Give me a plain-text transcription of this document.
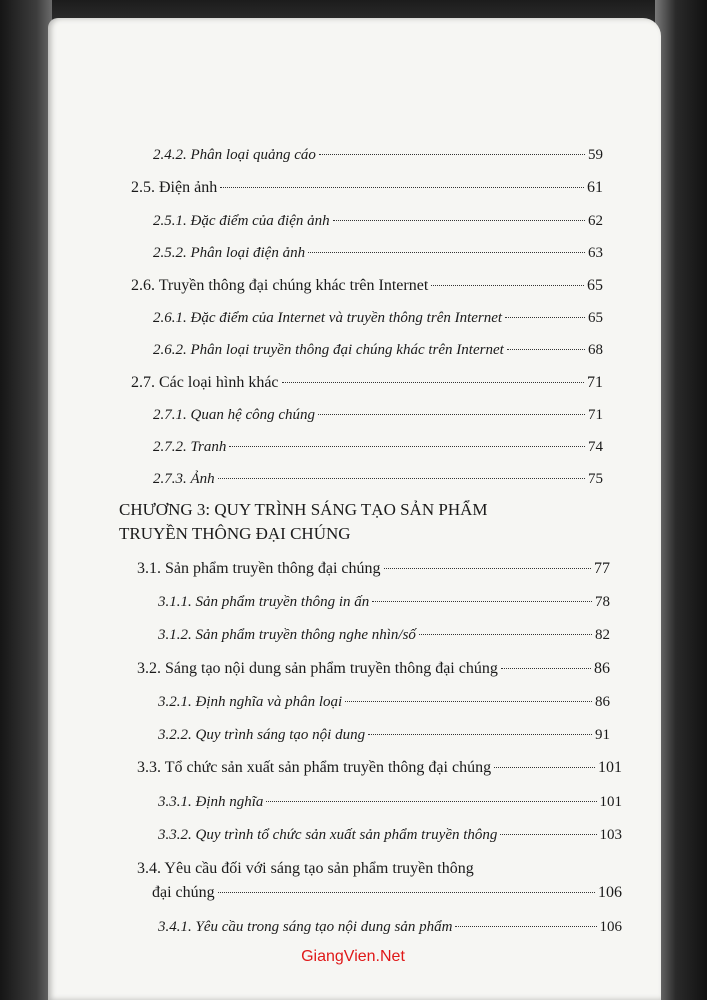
2.4.2. Phân loại quảng cáo	59
2.5. Điện ảnh	61
2.5.1. Đặc điểm của điện ảnh	62
2.5.2. Phân loại điện ảnh	63
2.6. Truyền thông đại chúng khác trên Internet	65
2.6.1. Đặc điểm của Internet và truyền thông trên Internet	65
2.6.2. Phân loại truyền thông đại chúng khác trên Internet	68
2.7. Các loại hình khác	71
2.7.1. Quan hệ công chúng	71
2.7.2. Tranh	74
2.7.3. Ảnh	75
CHƯƠNG 3: QUY TRÌNH SÁNG TẠO SẢN PHẨM
TRUYỀN THÔNG ĐẠI CHÚNG
3.1. Sản phẩm truyền thông đại chúng	77
3.1.1. Sản phẩm truyền thông in ấn	78
3.1.2. Sản phẩm truyền thông nghe nhìn/số	82
3.2. Sáng tạo nội dung sản phẩm truyền thông đại chúng	86
3.2.1. Định nghĩa và phân loại	86
3.2.2. Quy trình sáng tạo nội dung	91
3.3. Tổ chức sản xuất sản phẩm truyền thông đại chúng	101
3.3.1. Định nghĩa	101
3.3.2. Quy trình tổ chức sản xuất sản phẩm truyền thông	103
3.4. Yêu cầu đối với sáng tạo sản phẩm truyền thông
đại chúng	106
3.4.1. Yêu cầu trong sáng tạo nội dung sản phẩm	106
GiangVien.Net
